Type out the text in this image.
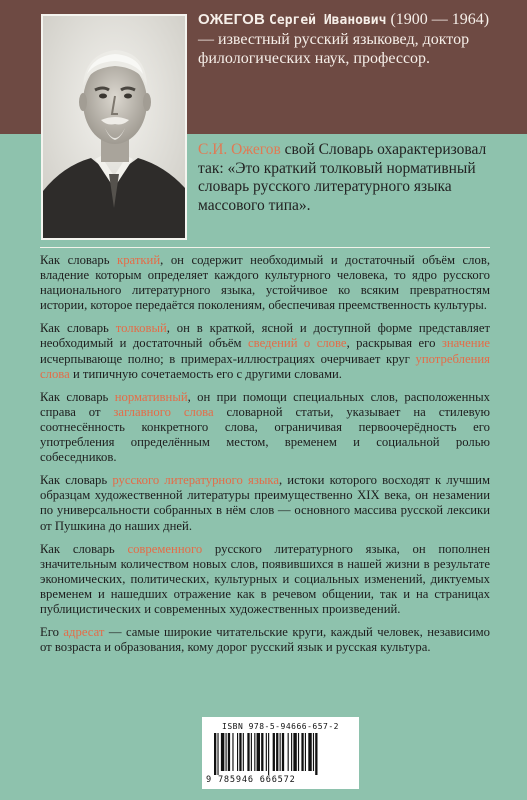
ОЖЕГОВ Сергей Иванович (1900 — 1964) — известный русский языковед, доктор филологических наук, профессор.
С.И. Ожегов свой Словарь охарактеризовал так: «Это краткий толковый нормативный словарь русского литературного языка массового типа».

Как словарь краткий, он содержит необходимый и достаточный объём слов, владение которым определяет каждого культурного человека, то ядро русского национального литературного языка, устойчивое ко всяким превратностям истории, которое передаётся поколениям, обеспечивая преемственность культуры.

Как словарь толковый, он в краткой, ясной и доступной форме представляет необходимый и достаточный объём сведений о слове, раскрывая его значение исчерпывающе полно; в примерах-иллюстрациях очерчивает круг употребления слова и типичную сочетаемость его с другими словами.

Как словарь нормативный, он при помощи специальных слов, расположенных справа от заглавного слова словарной статьи, указывает на стилевую соотнесённость конкретного слова, ограничивая первоочерёдность его употребления определённым местом, временем и социальной ролью собеседников.

Как словарь русского литературного языка, истоки которого восходят к лучшим образцам художественной литературы преимущественно XIX века, он незамении по универсальности собранных в нём слов — основного массива русской лексики от Пушкина до наших дней.

Как словарь современного русского литературного языка, он пополнен значительным количеством новых слов, появившихся в нашей жизни в результате экономических, политических, культурных и социальных изменений, диктуемых временем и нашедших отражение как в речевом общении, так и на страницах публицистических и современных художественных произведений.

Его адресат — самые широкие читательские круги, каждый человек, независимо от возраста и образования, кому дорог русский язык и русская культура.

ISBN 978-5-94666-657-2
9 785946 666572
